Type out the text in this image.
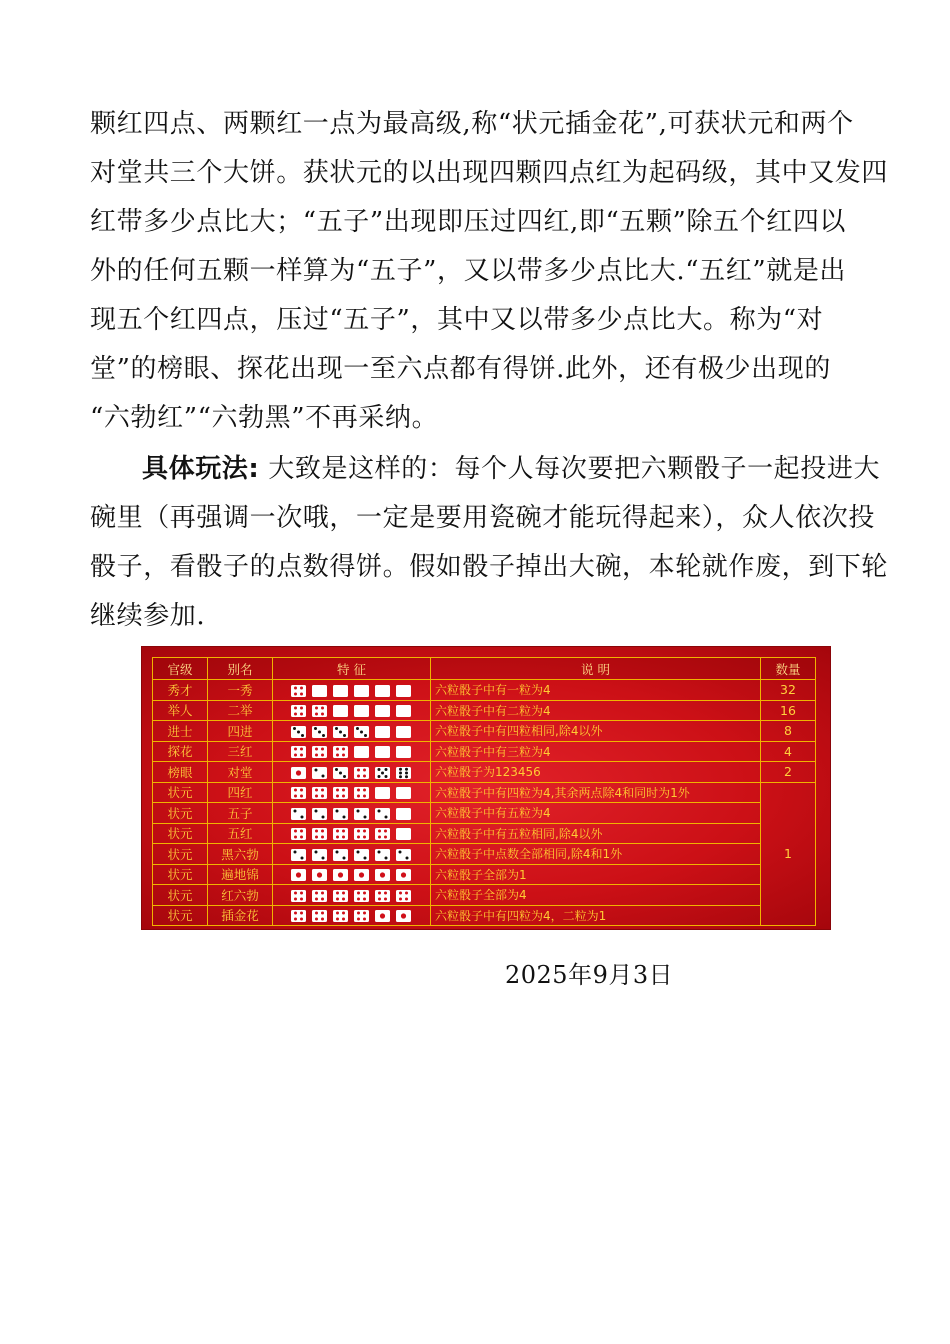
颗红四点、两颗红一点为最高级,称“状元插金花”,可获状元和两个
对堂共三个大饼。获状元的以出现四颗四点红为起码级，其中又发四
红带多少点比大；“五子”出现即压过四红,即“五颗”除五个红四以
外的任何五颗一样算为“五子”，又以带多少点比大.“五红”就是出
现五个红四点，压过“五子”，其中又以带多少点比大。称为“对
堂”的榜眼、探花出现一至六点都有得饼.此外，还有极少出现的
“六勃红”“六勃黑”不再采纳。
具体玩法: 大致是这样的：每个人每次要把六颗骰子一起投进大
碗里（再强调一次哦，一定是要用瓷碗才能玩得起来），众人依次投
骰子，看骰子的点数得饼。假如骰子掉出大碗，本轮就作废，到下轮
继续参加.
官级	别名	特 征	说 明	数量
秀才	一秀		六粒骰子中有一粒为4	32
举人	二举		六粒骰子中有二粒为4	16
进士	四进		六粒骰子中有四粒相同,除4以外	8
探花	三红		六粒骰子中有三粒为4	4
榜眼	对堂		六粒骰子为123456	2
状元	四红		六粒骰子中有四粒为4,其余两点除4和同时为1外	1
状元	五子		六粒骰子中有五粒为4	
状元	五红		六粒骰子中有五粒相同,除4以外	
状元	黑六勃		六粒骰子中点数全部相同,除4和1外	
状元	遍地锦		六粒骰子全部为1	
状元	红六勃		六粒骰子全部为4	
状元	插金花		六粒骰子中有四粒为4，二粒为1	
2025年9月3日
